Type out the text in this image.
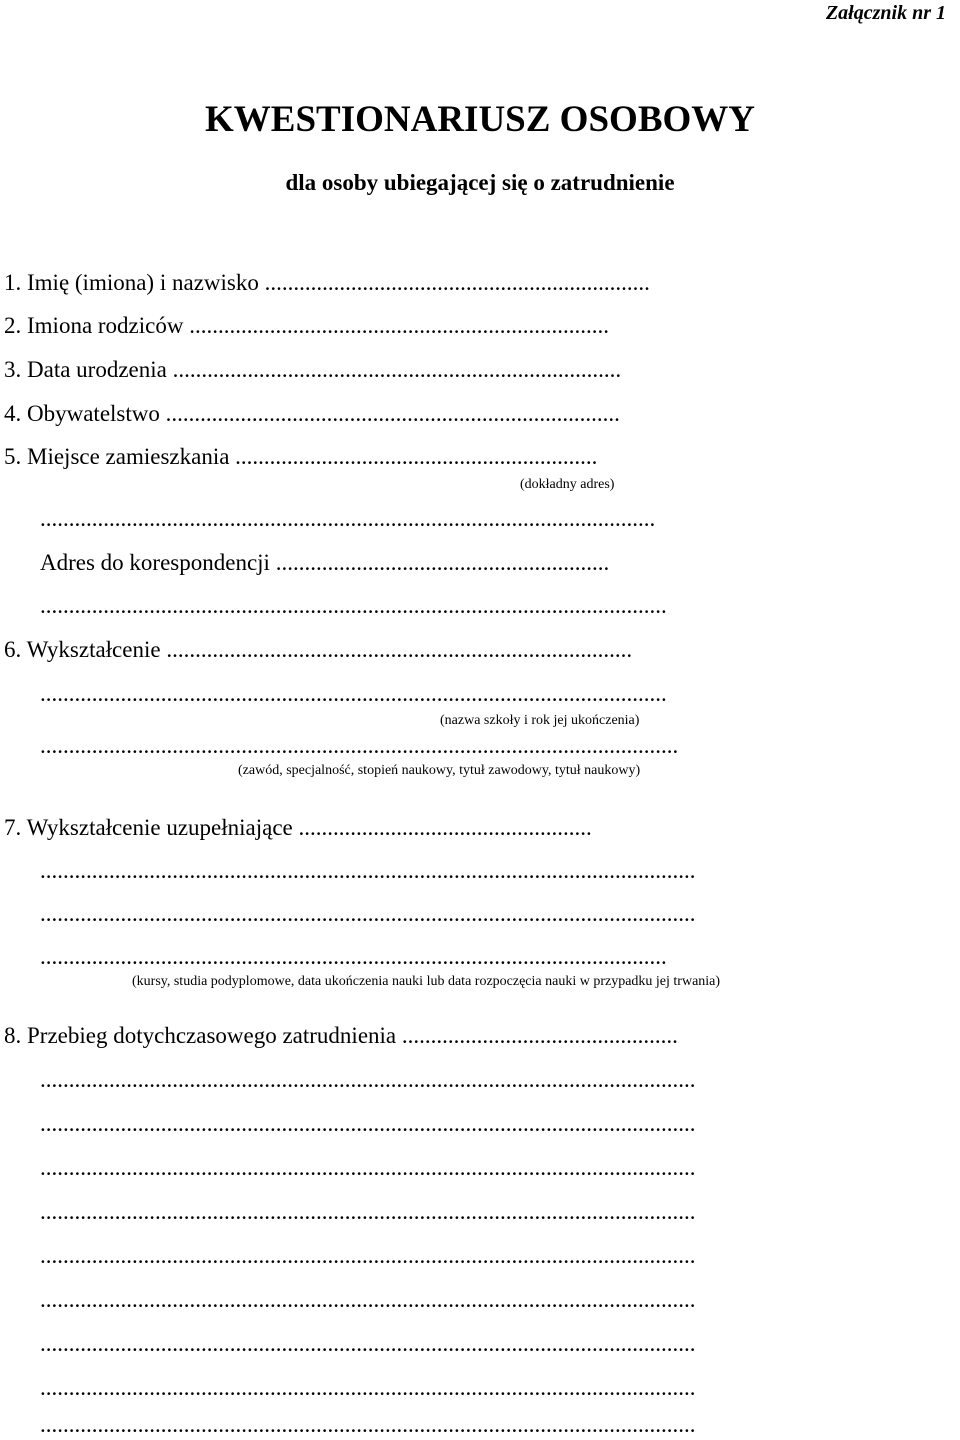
Załącznik nr 1
KWESTIONARIUSZ OSOBOWY
dla osoby ubiegającej się o zatrudnienie
1. Imię (imiona) i nazwisko ...................................................................
2. Imiona rodziców .........................................................................
3. Data urodzenia ..............................................................................
4. Obywatelstwo ...............................................................................
5. Miejsce zamieszkania ...............................................................
(dokładny adres)
...........................................................................................................
Adres do korespondencji ..........................................................
.............................................................................................................
6. Wykształcenie .................................................................................
.............................................................................................................
(nazwa szkoły i rok jej ukończenia)
...............................................................................................................
(zawód, specjalność, stopień naukowy, tytuł zawodowy, tytuł naukowy)
7. Wykształcenie uzupełniające ...................................................
..................................................................................................................
..................................................................................................................
.............................................................................................................
(kursy, studia podyplomowe, data ukończenia nauki lub data rozpoczęcia nauki w przypadku jej trwania)
8. Przebieg dotychczasowego zatrudnienia ................................................
..................................................................................................................
..................................................................................................................
..................................................................................................................
..................................................................................................................
..................................................................................................................
..................................................................................................................
..................................................................................................................
..................................................................................................................
..................................................................................................................
